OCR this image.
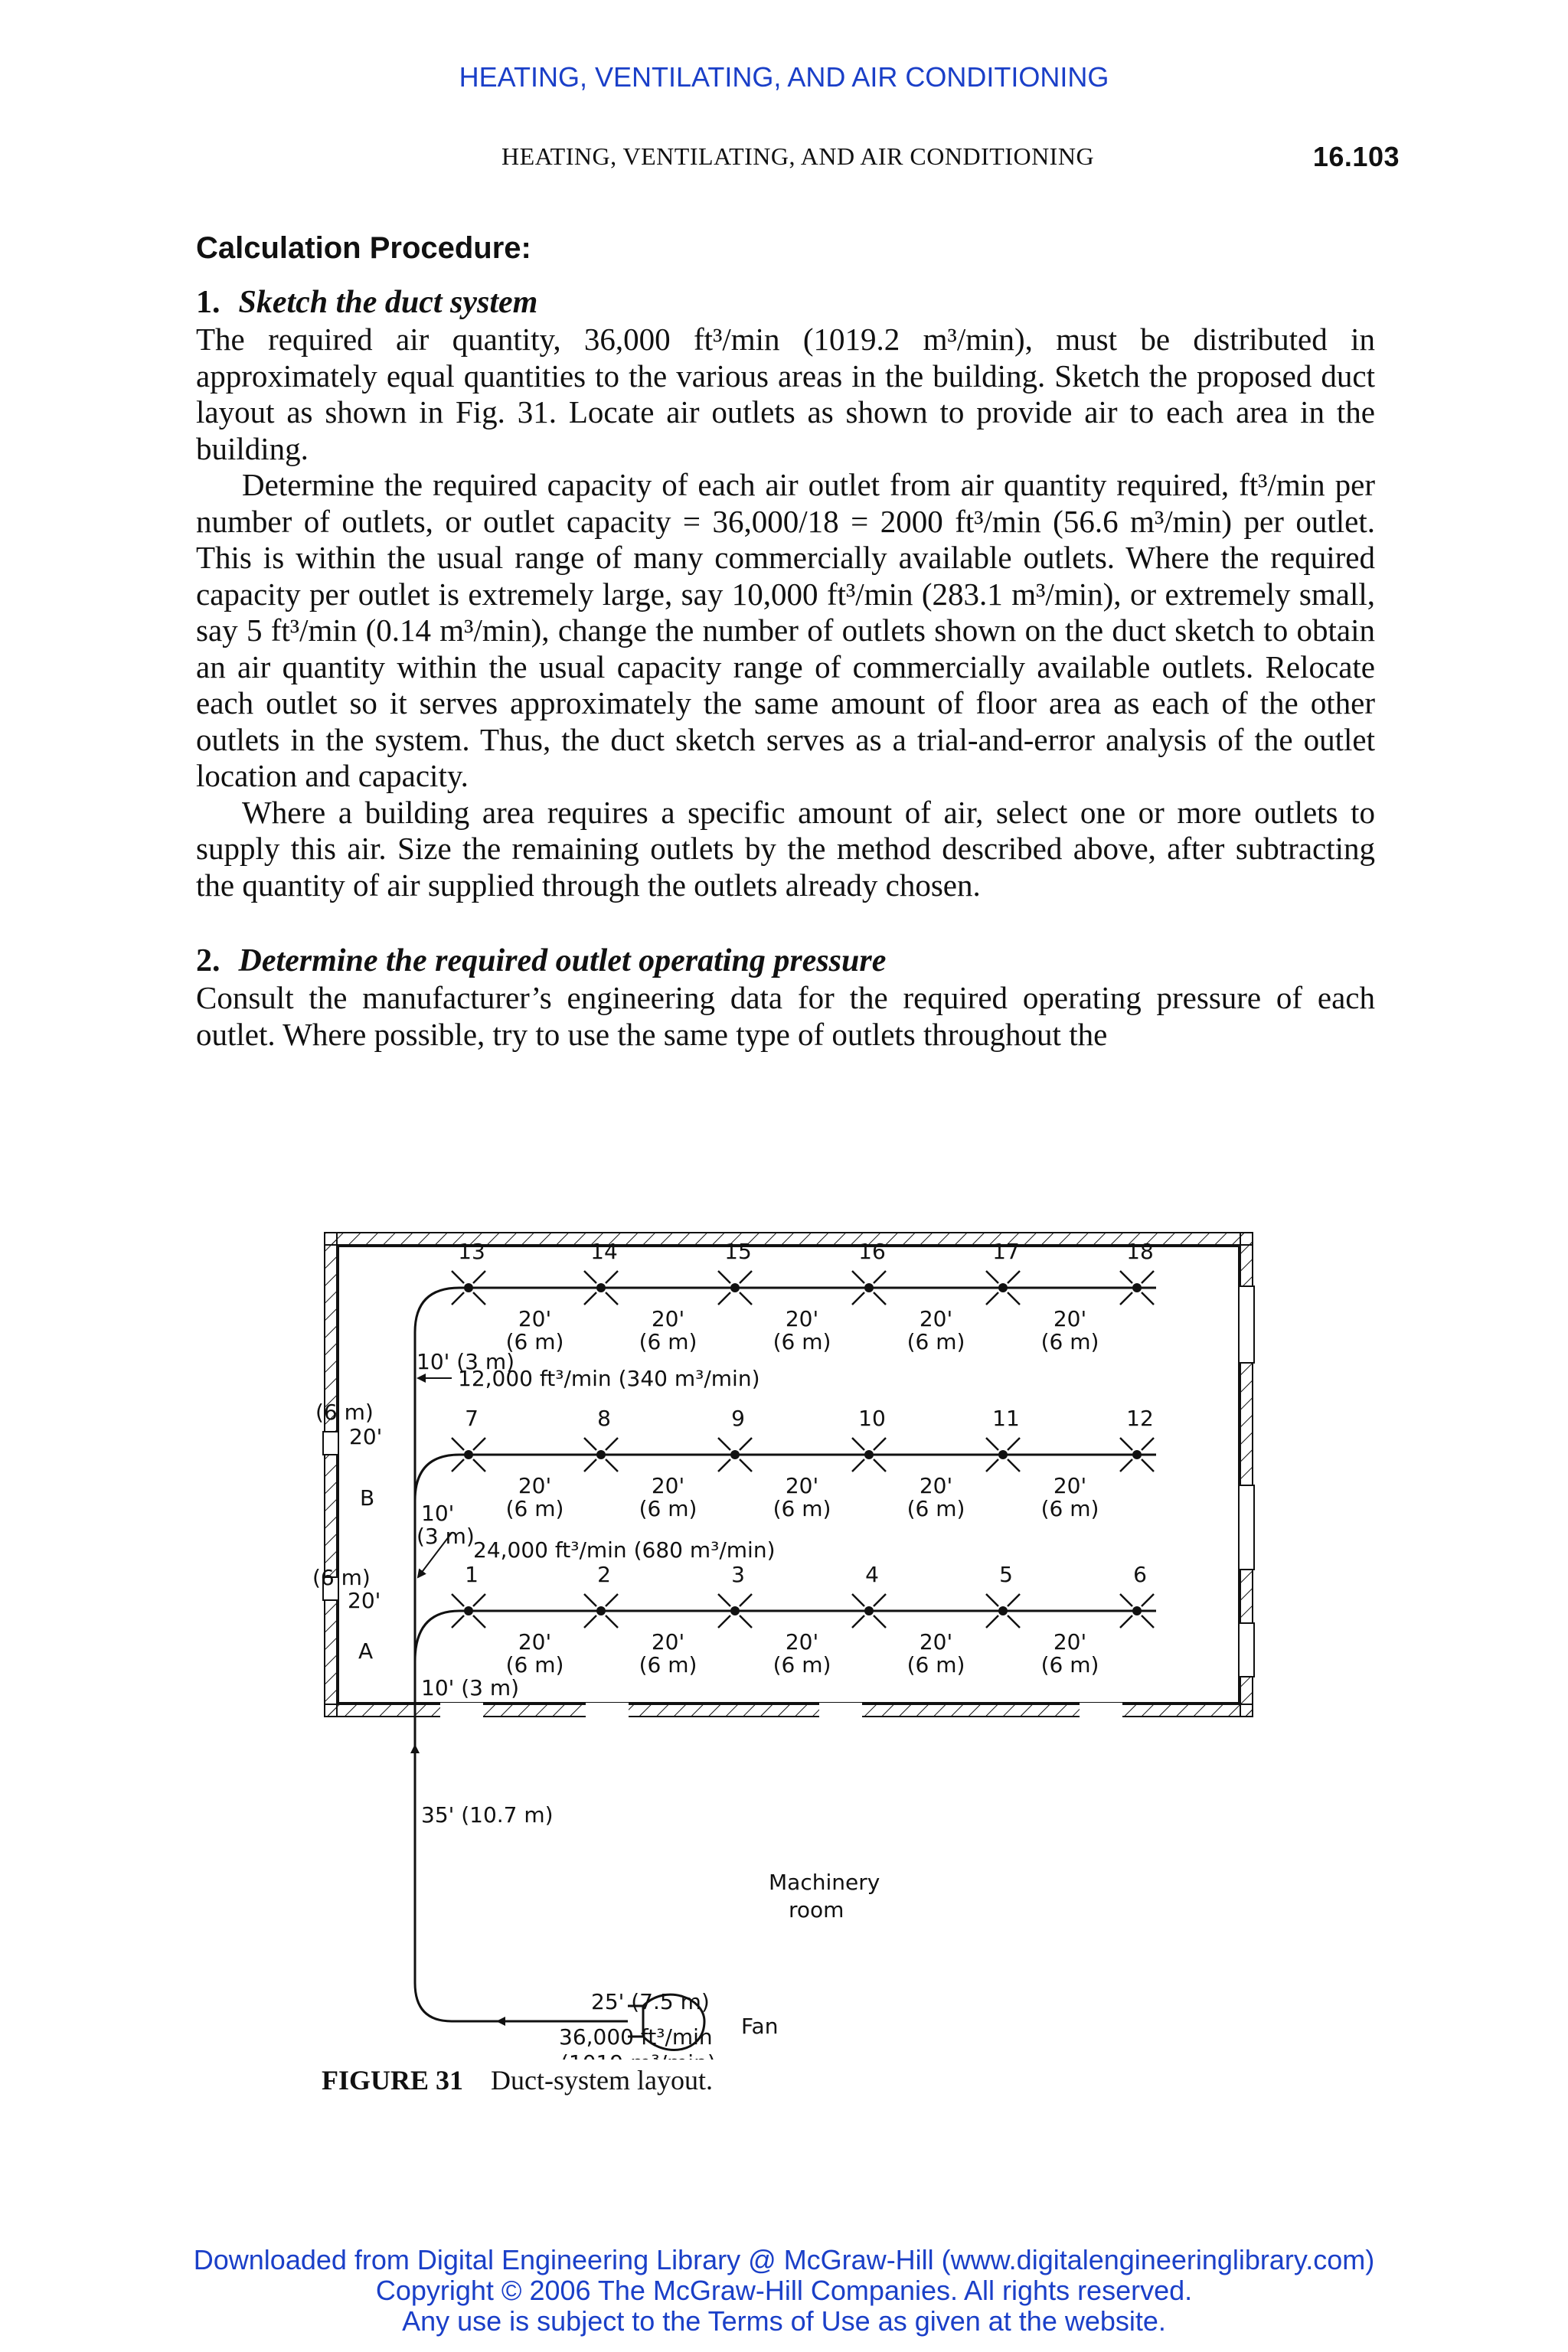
HEATING, VENTILATING, AND AIR CONDITIONING
HEATING, VENTILATING, AND AIR CONDITIONING	16.103
Calculation Procedure:
1. Sketch the duct system

The required air quantity, 36,000 ft³/min (1019.2 m³/min), must be distributed in approximately equal quantities to the various areas in the building. Sketch the proposed duct layout as shown in Fig. 31. Locate air outlets as shown to provide air to each area in the building.

Determine the required capacity of each air outlet from air quantity required, ft³/min per number of outlets, or outlet capacity = 36,000/18 = 2000 ft³/min (56.6 m³/min) per outlet. This is within the usual range of many commercially available outlets. Where the required capacity per outlet is extremely large, say 10,000 ft³/min (283.1 m³/min), or extremely small, say 5 ft³/min (0.14 m³/min), change the number of outlets shown on the duct sketch to obtain an air quantity within the usual capacity range of commercially available outlets. Relocate each outlet so it serves approximately the same amount of floor area as each of the other outlets in the system. Thus, the duct sketch serves as a trial-and-error analysis of the outlet location and capacity.

Where a building area requires a specific amount of air, select one or more outlets to supply this air. Size the remaining outlets by the method described above, after subtracting the quantity of air supplied through the outlets already chosen.

2. Determine the required outlet operating pressure

Consult the manufacturer’s engineering data for the required operating pressure of each outlet. Where possible, try to use the same type of outlets throughout the

13
20'
(6 m)
14
20'
(6 m)
15
20'
(6 m)
16
20'
(6 m)
17
20'
(6 m)
18
7
20'
(6 m)
8
20'
(6 m)
9
20'
(6 m)
10
20'
(6 m)
11
20'
(6 m)
12
1
20'
(6 m)
2
20'
(6 m)
3
20'
(6 m)
4
20'
(6 m)
5
20'
(6 m)
6
(6 m)
20'
B
(6 m)
20'
A
10' (3 m)
12,000 ft³/min (340 m³/min)
10'
(3 m)
24,000 ft³/min (680 m³/min)
10' (3 m)
35' (10.7 m)
Machinery
room
25' (7.5 m)
36,000 ft³/min Fan
FIGURE 31 Duct-system layout.
Downloaded from Digital Engineering Library @ McGraw-Hill (www.digitalengineeringlibrary.com)
Copyright © 2006 The McGraw-Hill Companies. All rights reserved.
Any use is subject to the Terms of Use as given at the website.
